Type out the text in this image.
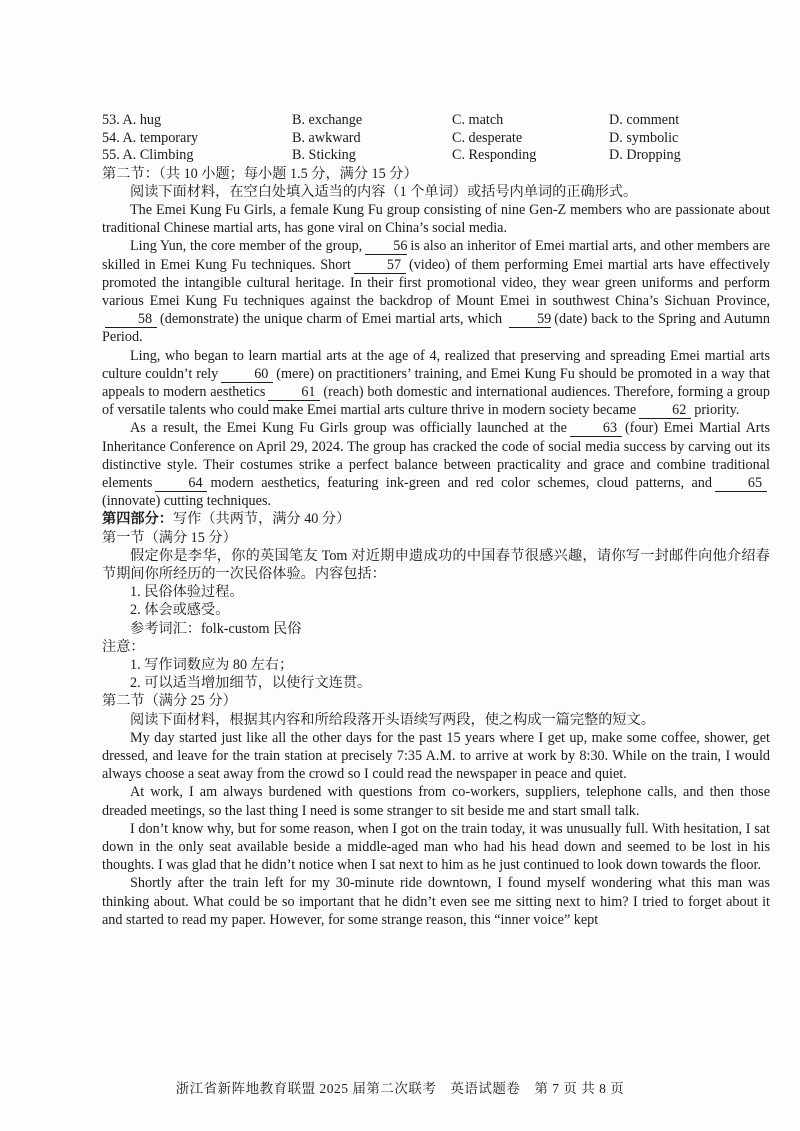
53. A. hug	B. exchange	C. match	D. comment
54. A. temporary	B. awkward	C. desperate	D. symbolic
55. A. Climbing	B. Sticking	C. Responding	D. Dropping

第二节：（共 10 小题；每小题 1.5 分，满分 15 分）

阅读下面材料，在空白处填入适当的内容（1 个单词）或括号内单词的正确形式。

The Emei Kung Fu Girls, a female Kung Fu group consisting of nine Gen-Z members who are passionate about traditional Chinese martial arts, has gone viral on China’s social media.

Ling Yun, the core member of the group, 56 is also an inheritor of Emei martial arts, and other members are skilled in Emei Kung Fu techniques. Short	57 (video) of them performing Emei martial arts have effectively promoted the intangible cultural heritage. In their first promotional video, they wear green uniforms and perform various Emei Kung Fu techniques against the backdrop of Mount Emei in southwest China’s Sichuan Province,58 (demonstrate) the unique charm of Emei martial arts, which 59 (date) back to the Spring and Autumn Period.

Ling, who began to learn martial arts at the age of 4, realized that preserving and spreading Emei martial arts culture couldn’t rely	60 (mere) on practitioners’ training, and Emei Kung Fu should be promoted in a way that appeals to modern aesthetics	61 (reach) both domestic and international audiences. Therefore, forming a group of versatile talents who could make Emei martial arts culture thrive in modern society became	62 priority.

As a result, the Emei Kung Fu Girls group was officially launched at the	63 (four) Emei Martial Arts Inheritance Conference on April 29, 2024. The group has cracked the code of social media success by carving out its distinctive style. Their costumes strike a perfect balance between practicality and grace and combine traditional elements	64 modern aesthetics, featuring ink-green and red color schemes, cloud patterns, and	65(innovate) cutting techniques.

第四部分：写作（共两节，满分 40 分）

第一节（满分 15 分）

假定你是李华，你的英国笔友 Tom 对近期申遗成功的中国春节很感兴趣，请你写一封邮件向他介绍春节期间你所经历的一次民俗体验。内容包括：

1. 民俗体验过程。

2. 体会或感受。

参考词汇：folk-custom 民俗

注意：

1. 写作词数应为 80 左右；

2. 可以适当增加细节，以使行文连贯。

第二节（满分 25 分）

阅读下面材料，根据其内容和所给段落开头语续写两段，使之构成一篇完整的短文。

My day started just like all the other days for the past 15 years where I get up, make some coffee, shower, get dressed, and leave for the train station at precisely 7:35 A.M. to arrive at work by 8:30. While on the train, I would always choose a seat away from the crowd so I could read the newspaper in peace and quiet.

At work, I am always burdened with questions from co-workers, suppliers, telephone calls, and then those dreaded meetings, so the last thing I need is some stranger to sit beside me and start small talk.

I don’t know why, but for some reason, when I got on the train today, it was unusually full. With hesitation, I sat down in the only seat available beside a middle-aged man who had his head down and seemed to be lost in his thoughts. I was glad that he didn’t notice when I sat next to him as he just continued to look down towards the floor.

Shortly after the train left for my 30-minute ride downtown, I found myself wondering what this man was thinking about. What could be so important that he didn’t even see me sitting next to him? I tried to forget about it and started to read my paper. However, for some strange reason, this “inner voice” kept

浙江省新阵地教育联盟 2025 届第二次联考　英语试题卷　第 7 页 共 8 页
